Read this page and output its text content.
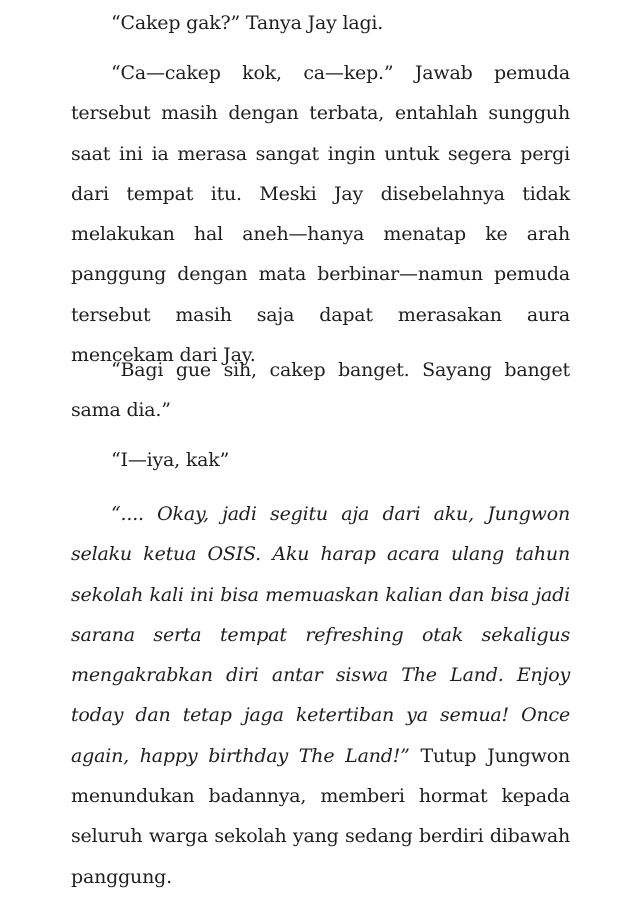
“Cakep gak?” Tanya Jay lagi.

“Ca—cakep kok, ca—kep.” Jawab pemuda tersebut masih dengan terbata, entahlah sungguh saat ini ia merasa sangat ingin untuk segera pergi dari tempat itu. Meski Jay disebelahnya tidak melakukan hal aneh—hanya menatap ke arah panggung dengan mata berbinar—namun pemuda tersebut masih saja dapat merasakan aura mencekam dari Jay.

“Bagi gue sih, cakep banget. Sayang banget sama dia.”

“I—iya, kak”

“.... Okay, jadi segitu aja dari aku, Jungwon selaku ketua OSIS. Aku harap acara ulang tahun sekolah kali ini bisa memuaskan kalian dan bisa jadi sarana serta tempat refreshing otak sekaligus mengakrabkan diri antar siswa The Land. Enjoy today dan tetap jaga ketertiban ya semua! Once again, happy birthday The Land!” Tutup Jungwon menundukan badannya, memberi hormat kepada seluruh warga sekolah yang sedang berdiri dibawah panggung.
